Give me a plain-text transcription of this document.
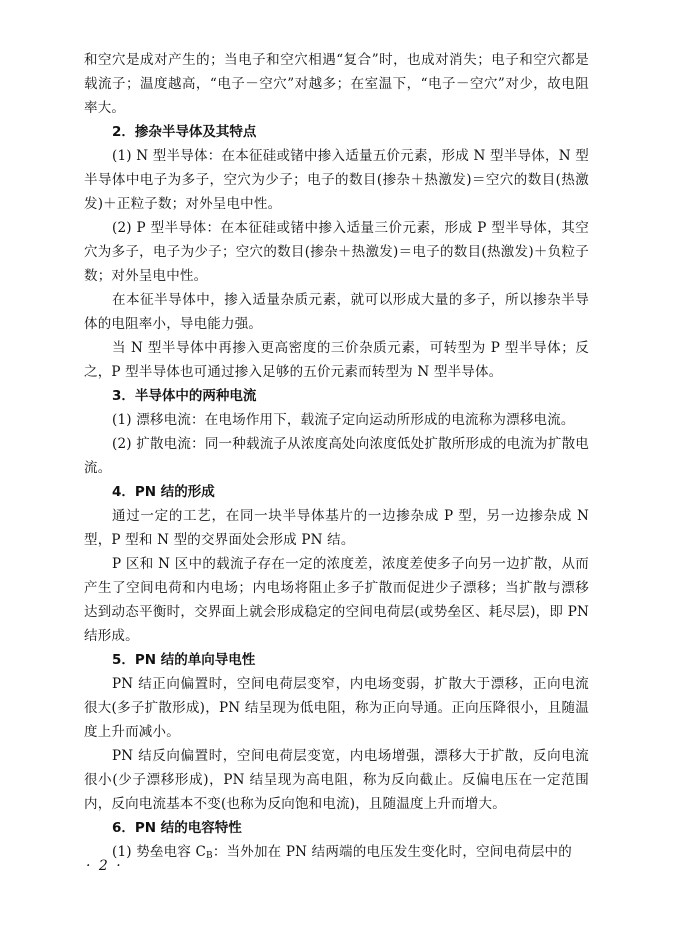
和空穴是成对产生的；当电子和空穴相遇“复合”时，也成对消失；电子和空穴都是载流子；温度越高，“电子－空穴”对越多；在室温下，“电子－空穴”对少，故电阻率大。
2．掺杂半导体及其特点
(1) N 型半导体：在本征硅或锗中掺入适量五价元素，形成 N 型半导体，N 型半导体中电子为多子，空穴为少子；电子的数目(掺杂＋热激发)＝空穴的数目(热激发)＋正粒子数；对外呈电中性。
(2) P 型半导体：在本征硅或锗中掺入适量三价元素，形成 P 型半导体，其空穴为多子，电子为少子；空穴的数目(掺杂＋热激发)＝电子的数目(热激发)＋负粒子数；对外呈电中性。
在本征半导体中，掺入适量杂质元素，就可以形成大量的多子，所以掺杂半导体的电阻率小，导电能力强。
当 N 型半导体中再掺入更高密度的三价杂质元素，可转型为 P 型半导体；反之，P 型半导体也可通过掺入足够的五价元素而转型为 N 型半导体。
3．半导体中的两种电流
(1) 漂移电流：在电场作用下，载流子定向运动所形成的电流称为漂移电流。
(2) 扩散电流：同一种载流子从浓度高处向浓度低处扩散所形成的电流为扩散电流。
4．PN 结的形成
通过一定的工艺，在同一块半导体基片的一边掺杂成 P 型，另一边掺杂成 N 型，P 型和 N 型的交界面处会形成 PN 结。
P 区和 N 区中的载流子存在一定的浓度差，浓度差使多子向另一边扩散，从而产生了空间电荷和内电场；内电场将阻止多子扩散而促进少子漂移；当扩散与漂移达到动态平衡时，交界面上就会形成稳定的空间电荷层(或势垒区、耗尽层)，即 PN 结形成。
5．PN 结的单向导电性
PN 结正向偏置时，空间电荷层变窄，内电场变弱，扩散大于漂移，正向电流很大(多子扩散形成)，PN 结呈现为低电阻，称为正向导通。正向压降很小，且随温度上升而减小。
PN 结反向偏置时，空间电荷层变宽，内电场增强，漂移大于扩散，反向电流很小(少子漂移形成)，PN 结呈现为高电阻，称为反向截止。反偏电压在一定范围内，反向电流基本不变(也称为反向饱和电流)，且随温度上升而增大。
6．PN 结的电容特性
(1) 势垒电容 $C_B$：当外加在 PN 结两端的电压发生变化时，空间电荷层中的
· 2 ·
